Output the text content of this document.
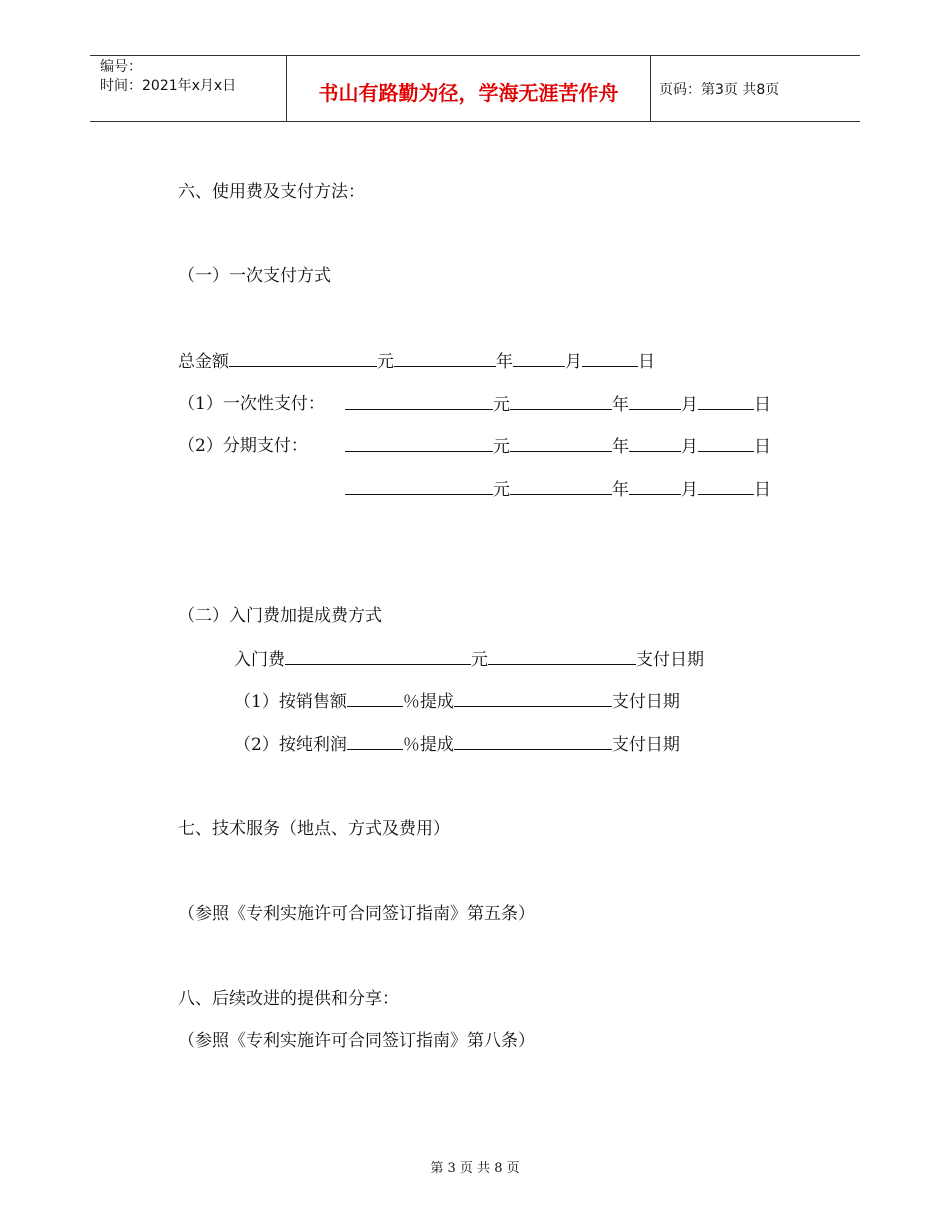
编号：
时间：2021年x月x日	书山有路勤为径，学海无涯苦作舟	页码：第3页 共8页
六、使用费及支付方法：
（一）一次支付方式
总金额	元	年	月	日
（1）一次性支付：	元	年	月	日
（2）分期支付：	元	年	月	日
元	年	月	日
（二）入门费加提成费方式
入门费	元	支付日期
（1）按销售额	％提成	支付日期
（2）按纯利润	％提成	支付日期
七、技术服务（地点、方式及费用）
（参照《专利实施许可合同签订指南》第五条）
八、后续改进的提供和分享：
（参照《专利实施许可合同签订指南》第八条）
第 3 页 共 8 页
